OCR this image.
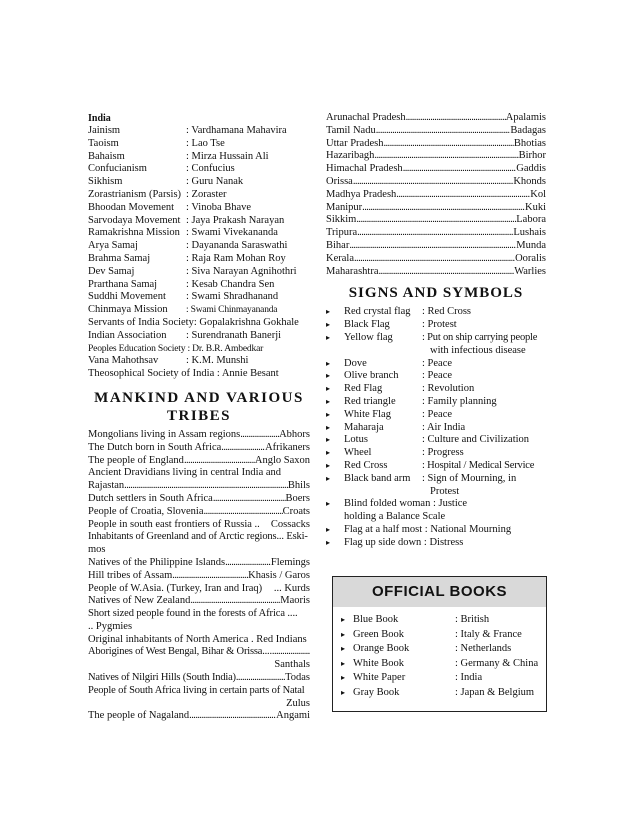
India
Jainism	: Vardhamana Mahavira
Taoism	: Lao Tse
Bahaism	: Mirza Hussain Ali
Confucianism	: Confucius
Sikhism	: Guru Nanak
Zorastrianism (Parsis) : Zoraster
Bhoodan Movement	: Vinoba Bhave
Sarvodaya Movement : Jaya Prakash Narayan
Ramakrishna Mission : Swami Vivekananda
Arya Samaj	: Dayananda Saraswathi
Brahma Samaj	: Raja Ram Mohan Roy
Dev Samaj	: Siva Narayan Agnihothri
Prarthana Samaj	: Kesab Chandra Sen
Suddhi Movement	: Swami Shradhanand
Chinmaya Mission	: Swami Chinmayananda
Servants of India Society: Gopalakrishna Gokhale
Indian Association	: Surendranath Banerji
Peoples Education Society : Dr. B.R. Ambedkar
Vana Mahothsav	: K.M. Munshi
Theosophical Society of India : Annie Besant
MANKIND AND VARIOUS
TRIBES
Mongolians living in Assam regions . . .	Abhors
The Dutch born in South Africa . . .	Afrikaners
The people of England . . .	Anglo Saxon
Ancient Dravidians living in central India and
Rajastan . . .	Bhils
Dutch settlers in South Africa . . .	Boers
People of Croatia, Slovenia . . .	Croats
People in south east frontiers of Russia .. Cossacks
Inhabitants of Greenland and of Arctic regions... Eski-
mos
Natives of the Philippine Islands . . .	Flemings
Hill tribes of Assam . . .	Khasis / Garos
People of W.Asia. (Turkey, Iran and Iraq) ... Kurds
Natives of New Zealand . . .	Maoris
Short sized people found in the forests of Africa ....
.. Pygmies
Original inhabitants of North America . Red Indians
Aborigines of West Bengal, Bihar & Orissa....
. . .
Santhals
Natives of Nilgiri Hills (South India) . . .	Todas
People of South Africa living in certain parts of Natal
Zulus
The people of Nagaland . . .	Angami
Arunachal Pradesh . . .	Apalamis
Tamil Nadu . . .	Badagas
Uttar Pradesh . . .	Bhotias
Hazaribagh . . .	Birhor
Himachal Pradesh . . .	Gaddis
Orissa . . .	Khonds
Madhya Pradesh . . .	Kol
Manipur . . .	Kuki
Sikkim . . .	Labora
Tripura . . .	Lushais
Bihar . . .	Munda
Kerala . . .	Ooralis
Maharashtra . . .	Warlies
SIGNS AND SYMBOLS
▸	Red crystal flag	: Red Cross
▸	Black Flag	: Protest
▸	Yellow flag	: Put on ship carrying people
with infectious disease
▸	Dove	: Peace
▸	Olive branch	: Peace
▸	Red Flag	: Revolution
▸	Red triangle	: Family planning
▸	White Flag	: Peace
▸	Maharaja	: Air India
▸	Lotus	: Culture and Civilization
▸	Wheel	: Progress
▸	Red Cross	: Hospital / Medical Service
▸	Black band arm	: Sign of Mourning, in
Protest
▸	Blind folded woman : Justice
holding a Balance Scale
▸	Flag at a half most : National Mourning
▸	Flag up side down : Distress
OFFICIAL BOOKS
▸ Blue Book	: British
▸ Green Book	: Italy & France
▸ Orange Book	: Netherlands
▸ White Book	: Germany & China
▸ White Paper	: India
▸ Gray Book	: Japan & Belgium
